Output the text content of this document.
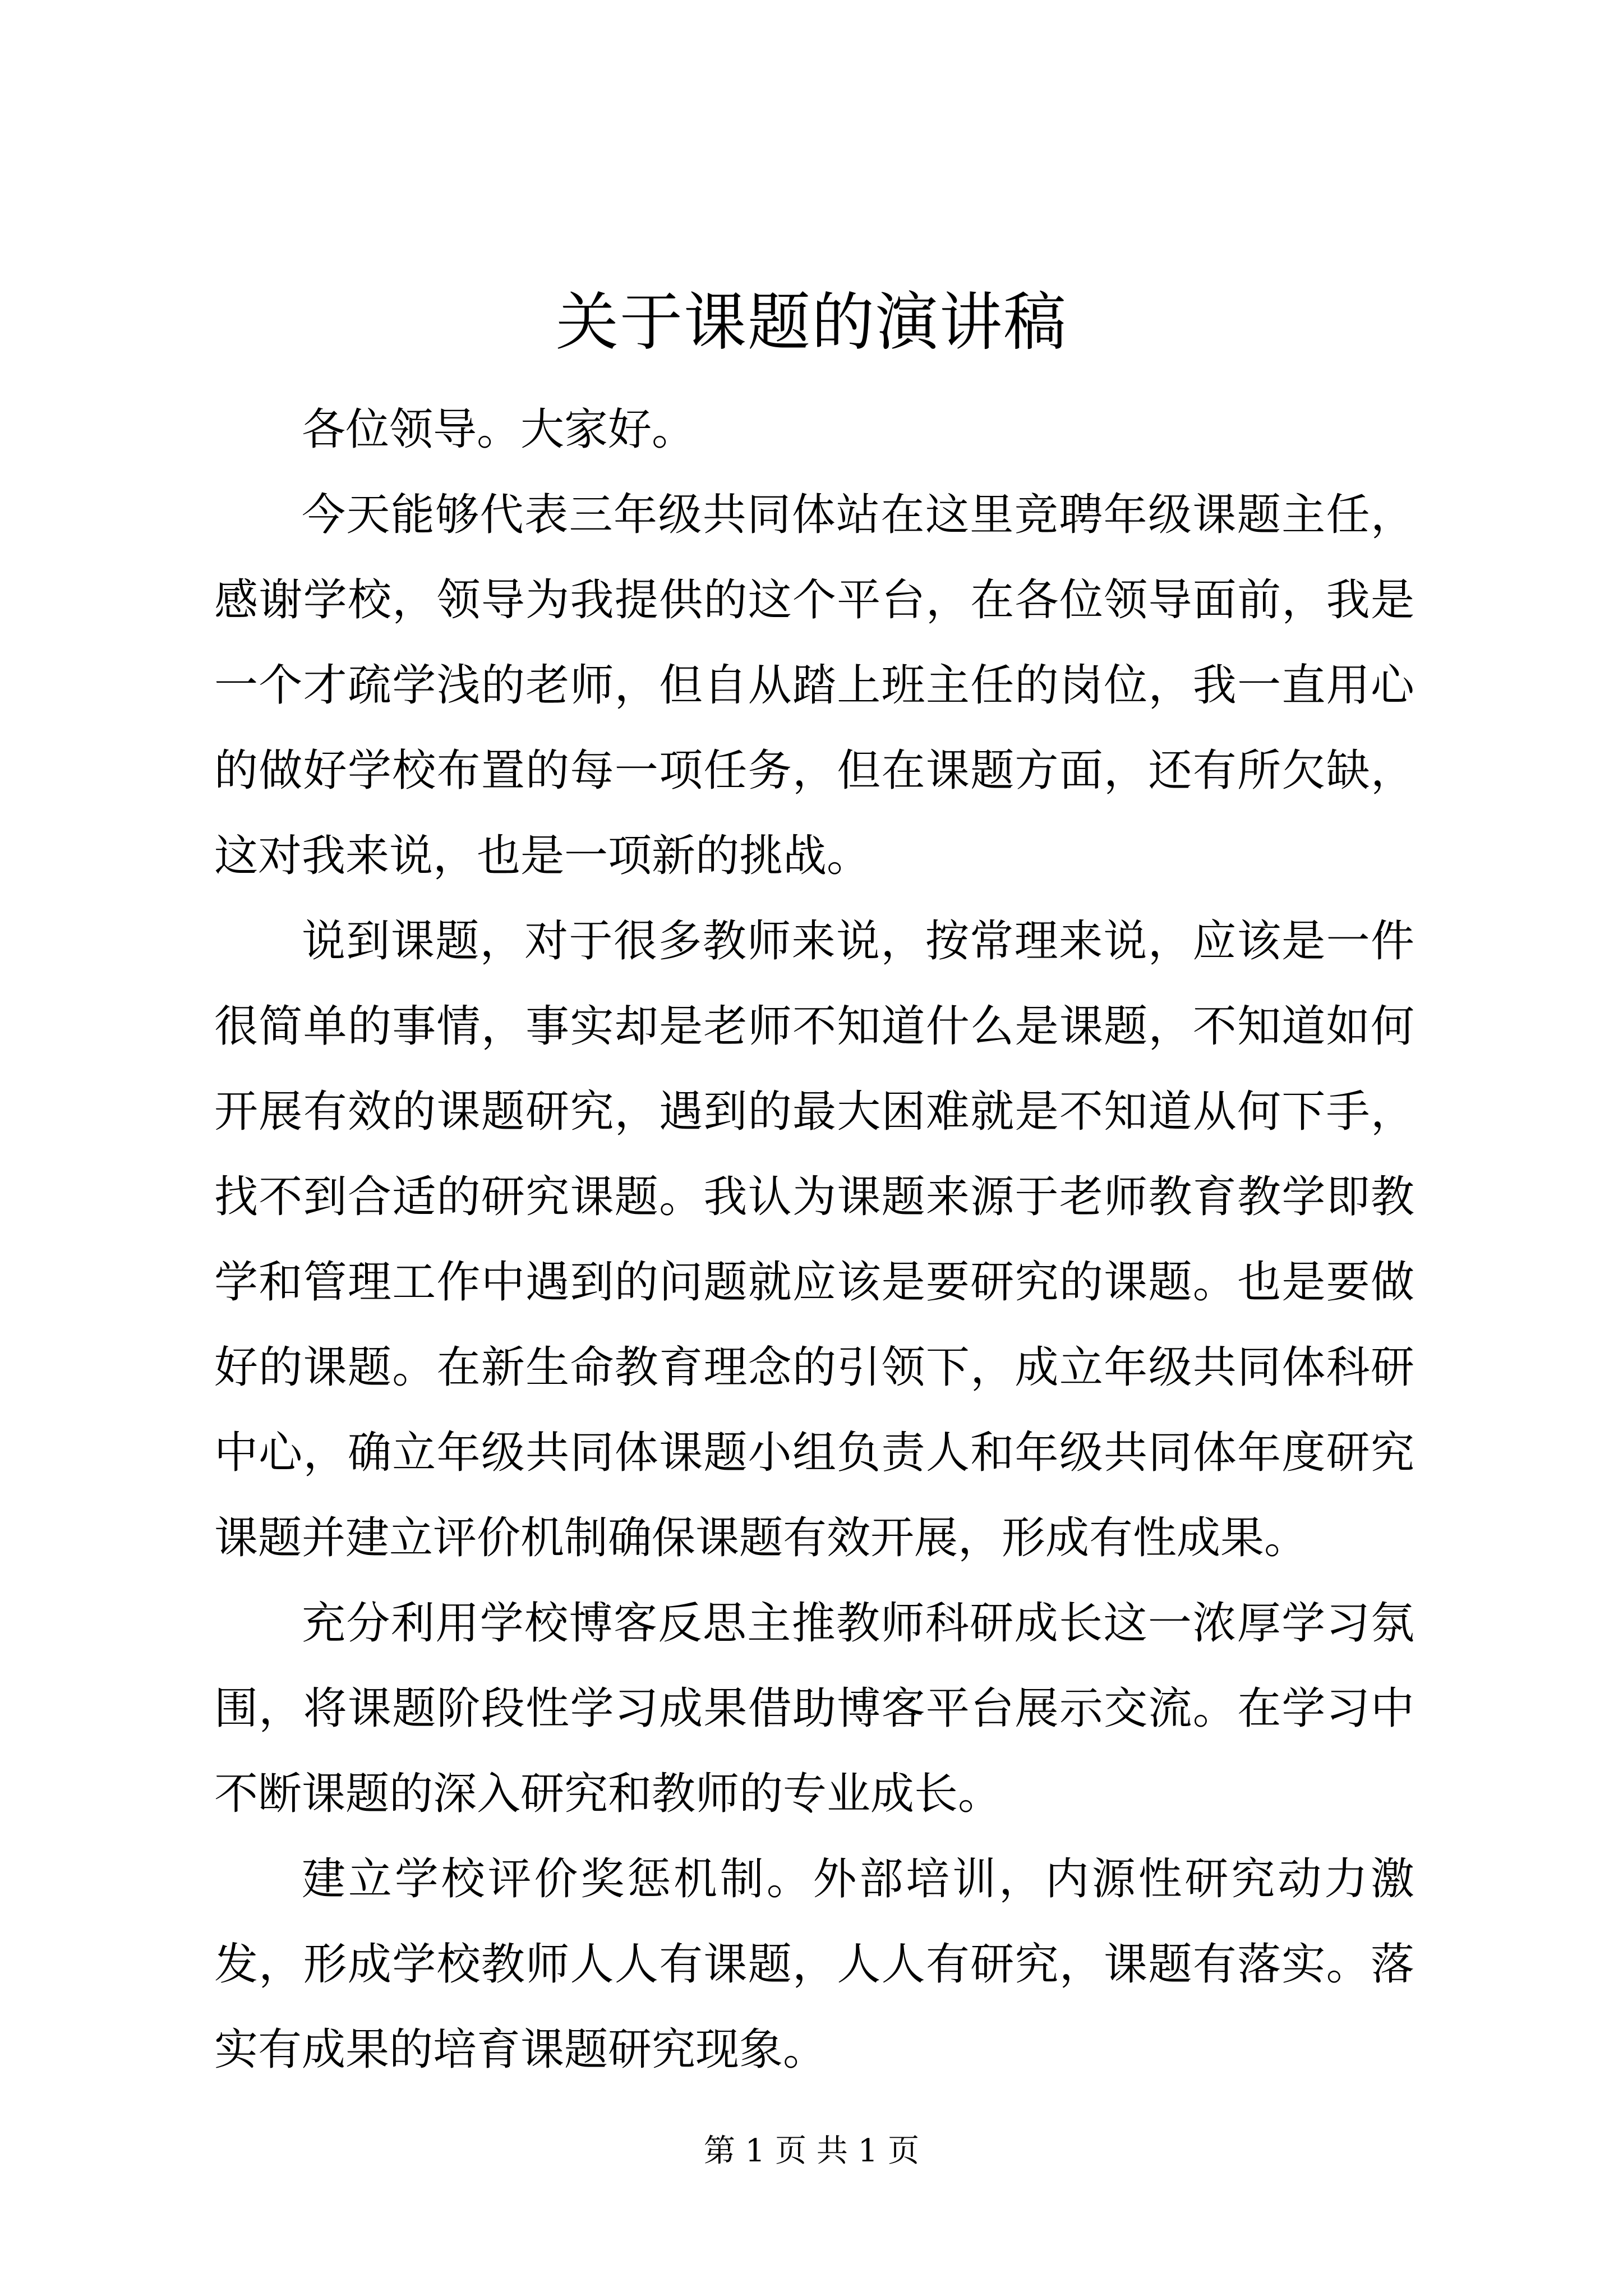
关于课题的演讲稿

各位领导。大家好。

今天能够代表三年级共同体站在这里竞聘年级课题主任，感谢学校，领导为我提供的这个平台，在各位领导面前，我是一个才疏学浅的老师，但自从踏上班主任的岗位，我一直用心的做好学校布置的每一项任务，但在课题方面，还有所欠缺，这对我来说，也是一项新的挑战。

说到课题，对于很多教师来说，按常理来说，应该是一件很简单的事情，事实却是老师不知道什么是课题，不知道如何开展有效的课题研究，遇到的最大困难就是不知道从何下手，找不到合适的研究课题。我认为课题来源于老师教育教学即教学和管理工作中遇到的问题就应该是要研究的课题。也是要做好的课题。在新生命教育理念的引领下，成立年级共同体科研中心，确立年级共同体课题小组负责人和年级共同体年度研究课题并建立评价机制确保课题有效开展，形成有性成果。

充分利用学校博客反思主推教师科研成长这一浓厚学习氛围，将课题阶段性学习成果借助博客平台展示交流。在学习中不断课题的深入研究和教师的专业成长。

建立学校评价奖惩机制。外部培训，内源性研究动力激发，形成学校教师人人有课题，人人有研究，课题有落实。落实有成果的培育课题研究现象。

第 1 页 共 1 页
